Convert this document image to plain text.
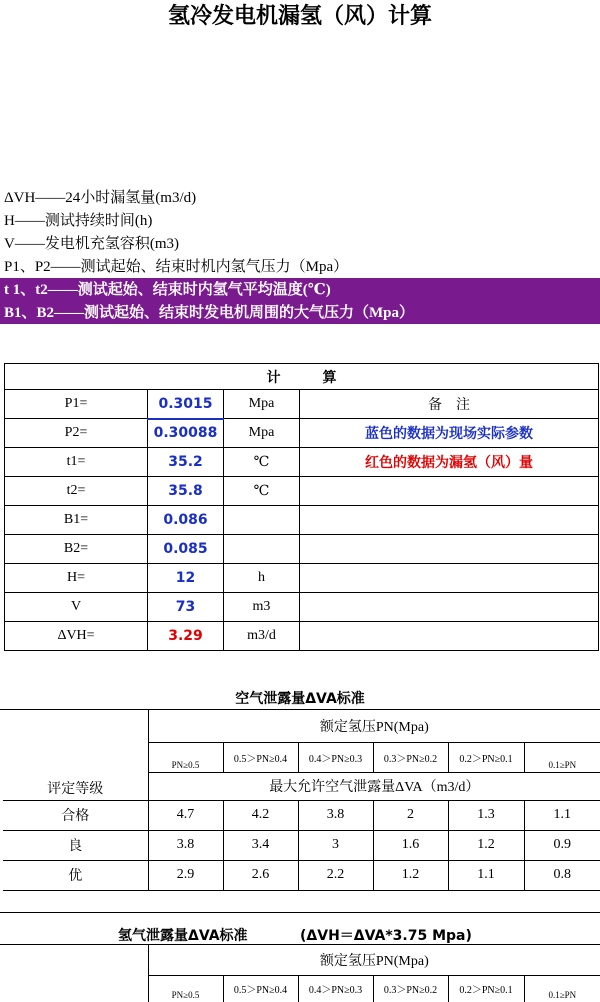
氢冷发电机漏氢（风）计算
ΔVH——24小时漏氢量(m3/d)
H——测试持续时间(h)
V——发电机充氢容积(m3)
P1、P2——测试起始、结束时机内氢气压力（Mpa）
t 1、t2——测试起始、结束时内氢气平均温度(℃)
B1、B2——测试起始、结束时发电机周围的大气压力（Mpa）
计　　　算			
P1=	0.3015	Mpa	备　注
P2=	0.30088	Mpa	蓝色的数据为现场实际参数
t1=	35.2	℃	红色的数据为漏氢（风）量
t2=	35.8	℃	
B1=	0.086		
B2=	0.085		
H=	12	h	
V	73	m3	
ΔVH=	3.29	m3/d	
空气泄露量ΔVA标准
评定等级	额定氢压PN(Mpa)					
	PN≥0.5	0.5＞PN≥0.4	0.4＞PN≥0.3	0.3＞PN≥0.2	0.2＞PN≥0.1	0.1≥PN
	最大允许空气泄露量ΔVA（m3/d）					
合格	4.7	4.2	3.8	2	1.3	1.1
良	3.8	3.4	3	1.6	1.2	0.9
优	2.9	2.6	2.2	1.2	1.1	0.8
氢气泄露量ΔVA标准	(ΔVH＝ΔVA*3.75 Mpa)
	额定氢压PN(Mpa)					
	PN≥0.5	0.5＞PN≥0.4	0.4＞PN≥0.3	0.3＞PN≥0.2	0.2＞PN≥0.1	0.1≥PN
